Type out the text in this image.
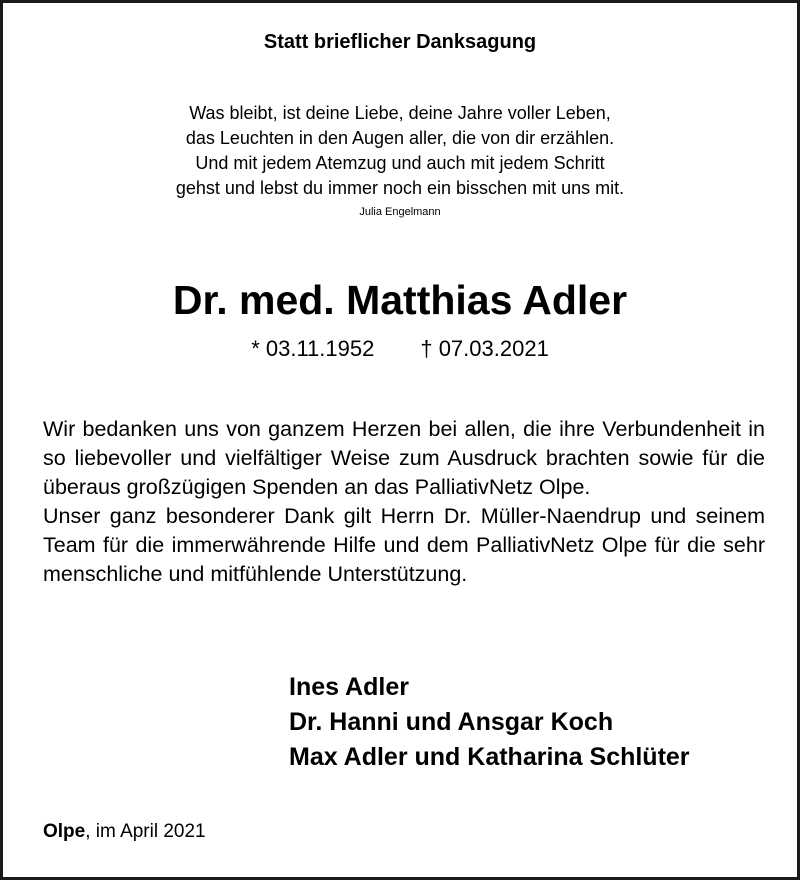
Statt brieflicher Danksagung
Was bleibt, ist deine Liebe, deine Jahre voller Leben,
das Leuchten in den Augen aller, die von dir erzählen.
Und mit jedem Atemzug und auch mit jedem Schritt
gehst und lebst du immer noch ein bisschen mit uns mit.
Julia Engelmann
Dr. med. Matthias Adler
* 03.11.1952 † 07.03.2021

Wir bedanken uns von ganzem Herzen bei allen, die ihre Verbundenheit in so liebevoller und vielfältiger Weise zum Ausdruck brachten sowie für die überaus großzügigen Spenden an das PalliativNetz Olpe.

Unser ganz besonderer Dank gilt Herrn Dr. Müller-Naendrup und seinem Team für die immerwährende Hilfe und dem PalliativNetz Olpe für die sehr menschliche und mitfühlende Unterstützung.

Ines Adler
Dr. Hanni und Ansgar Koch
Max Adler und Katharina Schlüter
Olpe, im April 2021
